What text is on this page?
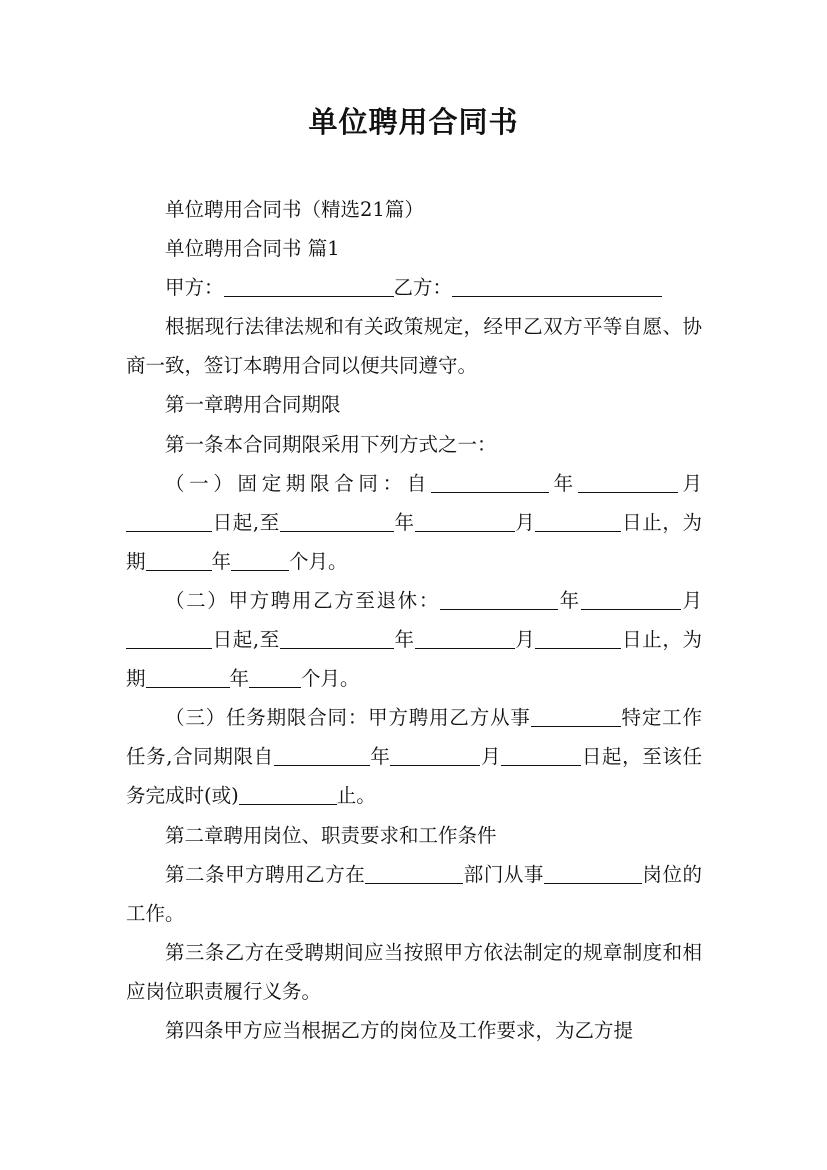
单位聘用合同书

单位聘用合同书（精选21篇）

单位聘用合同书 篇1

甲方：	乙方：

根据现行法律法规和有关政策规定，经甲乙双方平等自愿、协商一致，签订本聘用合同以便共同遵守。

第一章聘用合同期限

第一条本合同期限采用下列方式之一：

（一）固定期限合同：自	年	月日起,至	年	月	日止，为期	年	个月。

（二）甲方聘用乙方至退休：	年	月日起,至	年	月	日止，为期	年	个月。

（三）任务期限合同：甲方聘用乙方从事	特定工作任务,合同期限自	年	月	日起，至该任务完成时(或)	止。

第二章聘用岗位、职责要求和工作条件

第二条甲方聘用乙方在	部门从事	岗位的工作。

第三条乙方在受聘期间应当按照甲方依法制定的规章制度和相应岗位职责履行义务。

第四条甲方应当根据乙方的岗位及工作要求，为乙方提
